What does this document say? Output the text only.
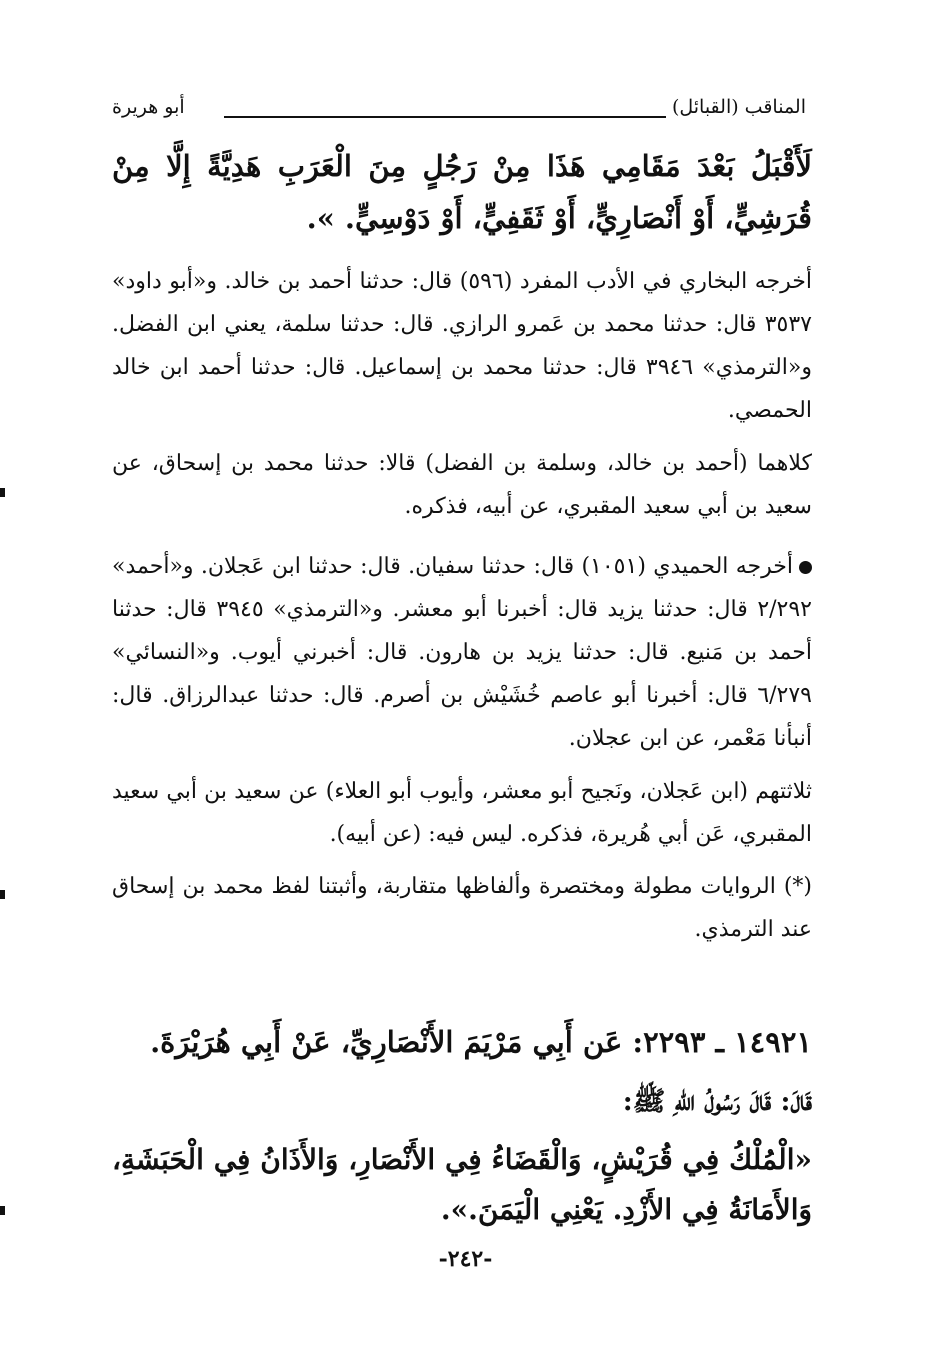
المناقب (القبائل)
أبو هريرة
لَأَقْبَلُ بَعْدَ مَقَامِي هَذَا مِنْ رَجُلٍ مِنَ الْعَرَبِ هَدِيَّةً إِلَّا مِنْ قُرَشِيٍّ، أَوْ أَنْصَارِيٍّ، أَوْ ثَقَفِيٍّ، أَوْ دَوْسِيٍّ. ».
أخرجه البخاري في الأدب المفرد (٥٩٦) قال: حدثنا أحمد بن خالد. و«أبو داود» ٣٥٣٧ قال: حدثنا محمد بن عَمرو الرازي. قال: حدثنا سلمة، يعني ابن الفضل. و«الترمذي» ٣٩٤٦ قال: حدثنا محمد بن إسماعيل. قال: حدثنا أحمد ابن خالد الحمصي.
كلاهما (أحمد بن خالد، وسلمة بن الفضل) قالا: حدثنا محمد بن إسحاق، عن سعيد بن أبي سعيد المقبري، عن أبيه، فذكره.
أخرجه الحميدي (١٠٥١) قال: حدثنا سفيان. قال: حدثنا ابن عَجلان. و«أحمد» ٢/٢٩٢ قال: حدثنا يزيد قال: أخبرنا أبو معشر. و«الترمذي» ٣٩٤٥ قال: حدثنا أحمد بن مَنيع. قال: حدثنا يزيد بن هارون. قال: أخبرني أيوب. و«النسائي» ٦/٢٧٩ قال: أخبرنا أبو عاصم خُشَيْش بن أصرم. قال: حدثنا عبدالرزاق. قال: أنبأنا مَعْمر، عن ابن عجلان.
ثلاثتهم (ابن عَجلان، ونَجيح أبو معشر، وأيوب أبو العلاء) عن سعيد بن أبي سعيد المقبري، عَن أبي هُريرة، فذكره. ليس فيه: (عن أبيه).
(*) الروايات مطولة ومختصرة وألفاظها متقاربة، وأثبتنا لفظ محمد بن إسحاق عند الترمذي.
١٤٩٢١ ـ ٢٢٩٣: عَن أَبِي مَرْيَمَ الأَنْصَارِيِّ، عَنْ أَبِي هُرَيْرَةَ.
قَالَ: قَالَ رَسُولُ اللهِ ﷺ:
«الْمُلْكُ فِي قُرَيْشٍ، وَالْقَضَاءُ فِي الأَنْصَارِ، وَالأَذَانُ فِي الْحَبَشَةِ، وَالأَمَانَةُ فِي الأَزْدِ. يَعْنِي الْيَمَنَ.».
-٢٤٢-
